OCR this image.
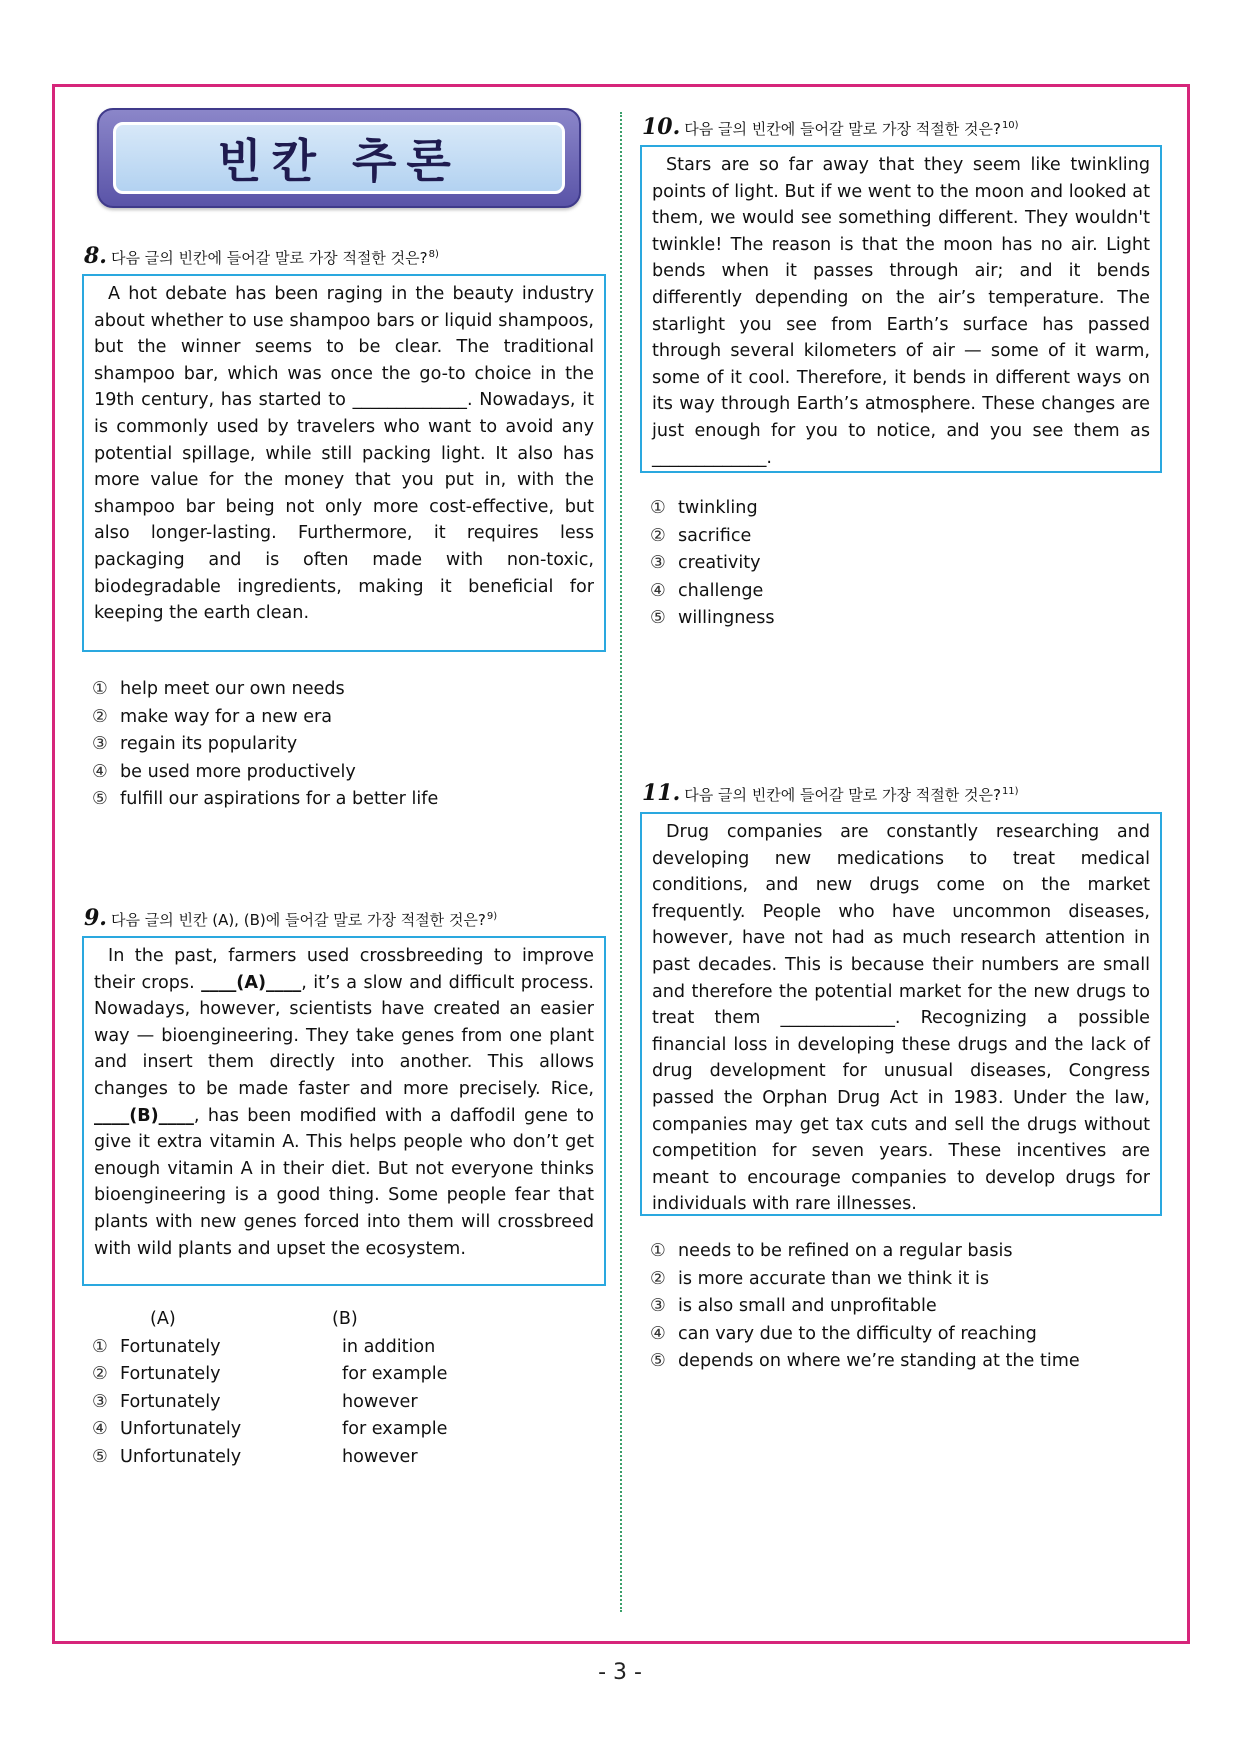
빈칸 추론
8. 다음 글의 빈칸에 들어갈 말로 가장 적절한 것은?$^{8)}$

A hot debate has been raging in the beauty industry about whether to use shampoo bars or liquid shampoos, but the winner seems to be clear. The traditional shampoo bar, which was once the go-to choice in the 19th century, has started to _____________. Nowadays, it is commonly used by travelers who want to avoid any potential spillage, while still packing light. It also has more value for the money that you put in, with the shampoo bar being not only more cost-effective, but also longer-lasting. Furthermore, it requires less packaging and is often made with non-toxic, biodegradable ingredients, making it beneficial for keeping the earth clean.

① help meet our own needs
② make way for a new era
③ regain its popularity
④ be used more productively
⑤ fulfill our aspirations for a better life
9. 다음 글의 빈칸 (A), (B)에 들어갈 말로 가장 적절한 것은?$^{9)}$

In the past, farmers used crossbreeding to improve their crops. ____(A)____, it’s a slow and difficult process. Nowadays, however, scientists have created an easier way — bioengineering. They take genes from one plant and insert them directly into another. This allows changes to be made faster and more precisely. Rice, ____(B)____, has been modified with a daffodil gene to give it extra vitamin A. This helps people who don’t get enough vitamin A in their diet. But not everyone thinks bioengineering is a good thing. Some people fear that plants with new genes forced into them will crossbreed with wild plants and upset the ecosystem.

(A)	(B)
① Fortunately	in addition
② Fortunately	for example
③ Fortunately	however
④ Unfortunately	for example
⑤ Unfortunately	however
10. 다음 글의 빈칸에 들어갈 말로 가장 적절한 것은?$^{10)}$

Stars are so far away that they seem like twinkling points of light. But if we went to the moon and looked at them, we would see something different. They wouldn't twinkle! The reason is that the moon has no air. Light bends when it passes through air; and it bends differently depending on the air’s temperature. The starlight you see from Earth’s surface has passed through several kilometers of air — some of it warm, some of it cool. Therefore, it bends in different ways on its way through Earth’s atmosphere. These changes are just enough for you to notice, and you see them as _____________.

① twinkling
② sacrifice
③ creativity
④ challenge
⑤ willingness
11. 다음 글의 빈칸에 들어갈 말로 가장 적절한 것은?$^{11)}$

Drug companies are constantly researching and developing new medications to treat medical conditions, and new drugs come on the market frequently. People who have uncommon diseases, however, have not had as much research attention in past decades. This is because their numbers are small and therefore the potential market for the new drugs to treat them _____________. Recognizing a possible financial loss in developing these drugs and the lack of drug development for unusual diseases, Congress passed the Orphan Drug Act in 1983. Under the law, companies may get tax cuts and sell the drugs without competition for seven years. These incentives are meant to encourage companies to develop drugs for individuals with rare illnesses.

① needs to be refined on a regular basis
② is more accurate than we think it is
③ is also small and unprofitable
④ can vary due to the difficulty of reaching
⑤ depends on where we’re standing at the time
- 3 -
